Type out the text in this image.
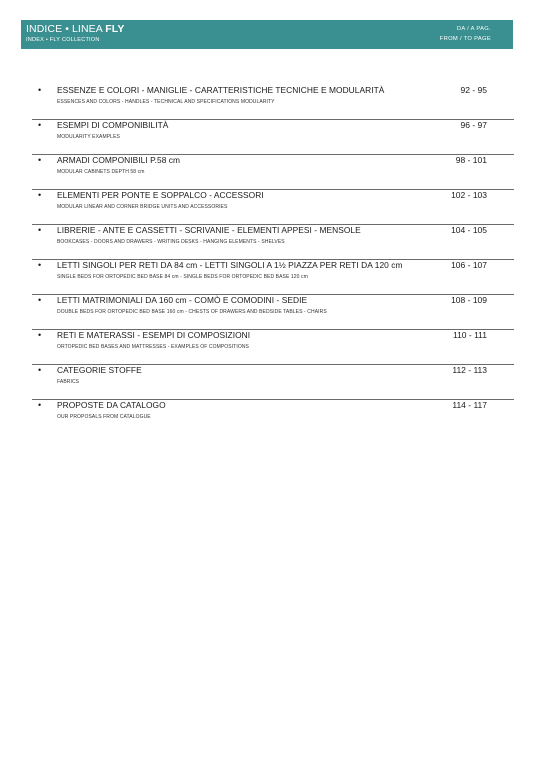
INDICE • LINEA FLY
INDEX • FLY COLLECTION
DA / A PAG.
FROM / TO PAGE
• ESSENZE E COLORI - MANIGLIE - CARATTERISTICHE TECNICHE E MODULARITÀ
ESSENCES AND COLORS - HANDLES - TECHNICAL AND SPECIFICATIONS MODULARITY
92 - 95
• ESEMPI DI COMPONIBILITÀ
MODULARITY EXAMPLES
96 - 97
• ARMADI COMPONIBILI P.58 cm
MODULAR CABINETS DEPTH 58 cm
98 - 101
• ELEMENTI PER PONTE E SOPPALCO - ACCESSORI
MODULAR LINEAR AND CORNER BRIDGE UNITS AND ACCESSORIES
102 - 103
• LIBRERIE - ANTE E CASSETTI - SCRIVANIE - ELEMENTI APPESI - MENSOLE
BOOKCASES - DOORS AND DRAWERS - WRITING DESKS - HANGING ELEMENTS - SHELVES
104 - 105
• LETTI SINGOLI PER RETI DA 84 cm - LETTI SINGOLI A 1½ PIAZZA PER RETI DA 120 cm
SINGLE BEDS FOR ORTOPEDIC BED BASE 84 cm - SINGLE BEDS FOR ORTOPEDIC BED BASE 120 cm
106 - 107
• LETTI MATRIMONIALI DA 160 cm - COMÒ E COMODINI - SEDIE
DOUBLE BEDS FOR ORTOPEDIC BED BASE 160 cm - CHESTS OF DRAWERS AND BEDSIDE TABLES - CHAIRS
108 - 109
• RETI E MATERASSI - ESEMPI DI COMPOSIZIONI
ORTOPEDIC BED BASES AND MATTRESSES - EXAMPLES OF COMPOSITIONS
110 - 111
• CATEGORIE STOFFE
FABRICS
112 - 113
• PROPOSTE DA CATALOGO
OUR PROPOSALS FROM CATALOGUE
114 - 117
